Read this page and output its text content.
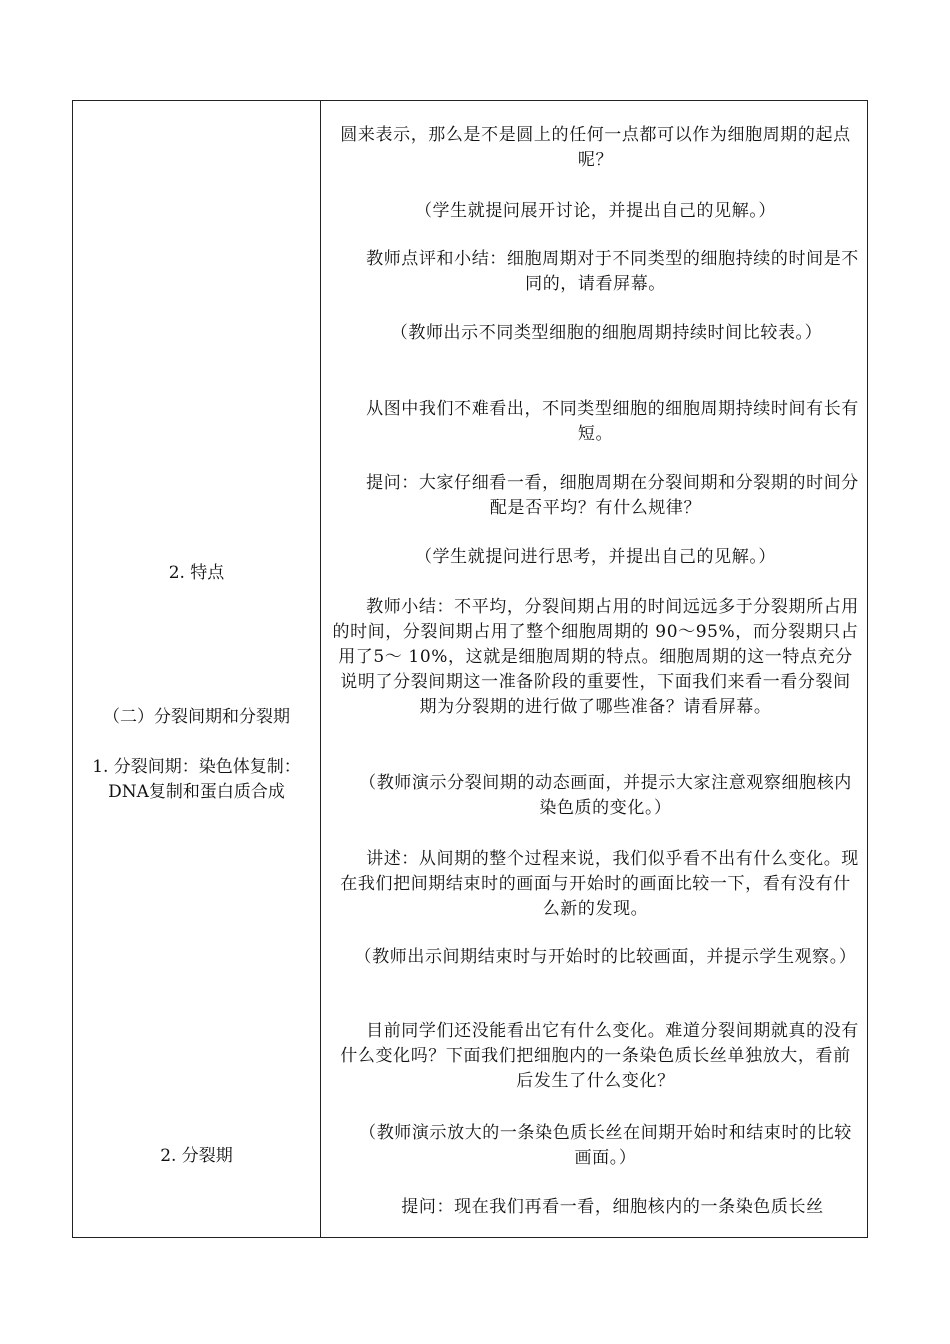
2. 特点
（二）分裂间期和分裂期
1. 分裂间期：染色体复制：DNA复制和蛋白质合成
2. 分裂期
圆来表示，那么是不是圆上的任何一点都可以作为细胞周期的起点呢？
（学生就提问展开讨论，并提出自己的见解。）
教师点评和小结：细胞周期对于不同类型的细胞持续的时间是不同的，请看屏幕。
（教师出示不同类型细胞的细胞周期持续时间比较表。）
从图中我们不难看出，不同类型细胞的细胞周期持续时间有长有短。
提问：大家仔细看一看，细胞周期在分裂间期和分裂期的时间分配是否平均？有什么规律？
（学生就提问进行思考，并提出自己的见解。）
教师小结：不平均，分裂间期占用的时间远远多于分裂期所占用的时间，分裂间期占用了整个细胞周期的 90～95%，而分裂期只占用了5～ 10%，这就是细胞周期的特点。细胞周期的这一特点充分说明了分裂间期这一准备阶段的重要性，下面我们来看一看分裂间期为分裂期的进行做了哪些准备？请看屏幕。
（教师演示分裂间期的动态画面，并提示大家注意观察细胞核内染色质的变化。）
讲述：从间期的整个过程来说，我们似乎看不出有什么变化。现在我们把间期结束时的画面与开始时的画面比较一下，看有没有什么新的发现。
（教师出示间期结束时与开始时的比较画面，并提示学生观察。）
目前同学们还没能看出它有什么变化。难道分裂间期就真的没有什么变化吗？下面我们把细胞内的一条染色质长丝单独放大，看前后发生了什么变化？
（教师演示放大的一条染色质长丝在间期开始时和结束时的比较画面。）
提问：现在我们再看一看，细胞核内的一条染色质长丝
